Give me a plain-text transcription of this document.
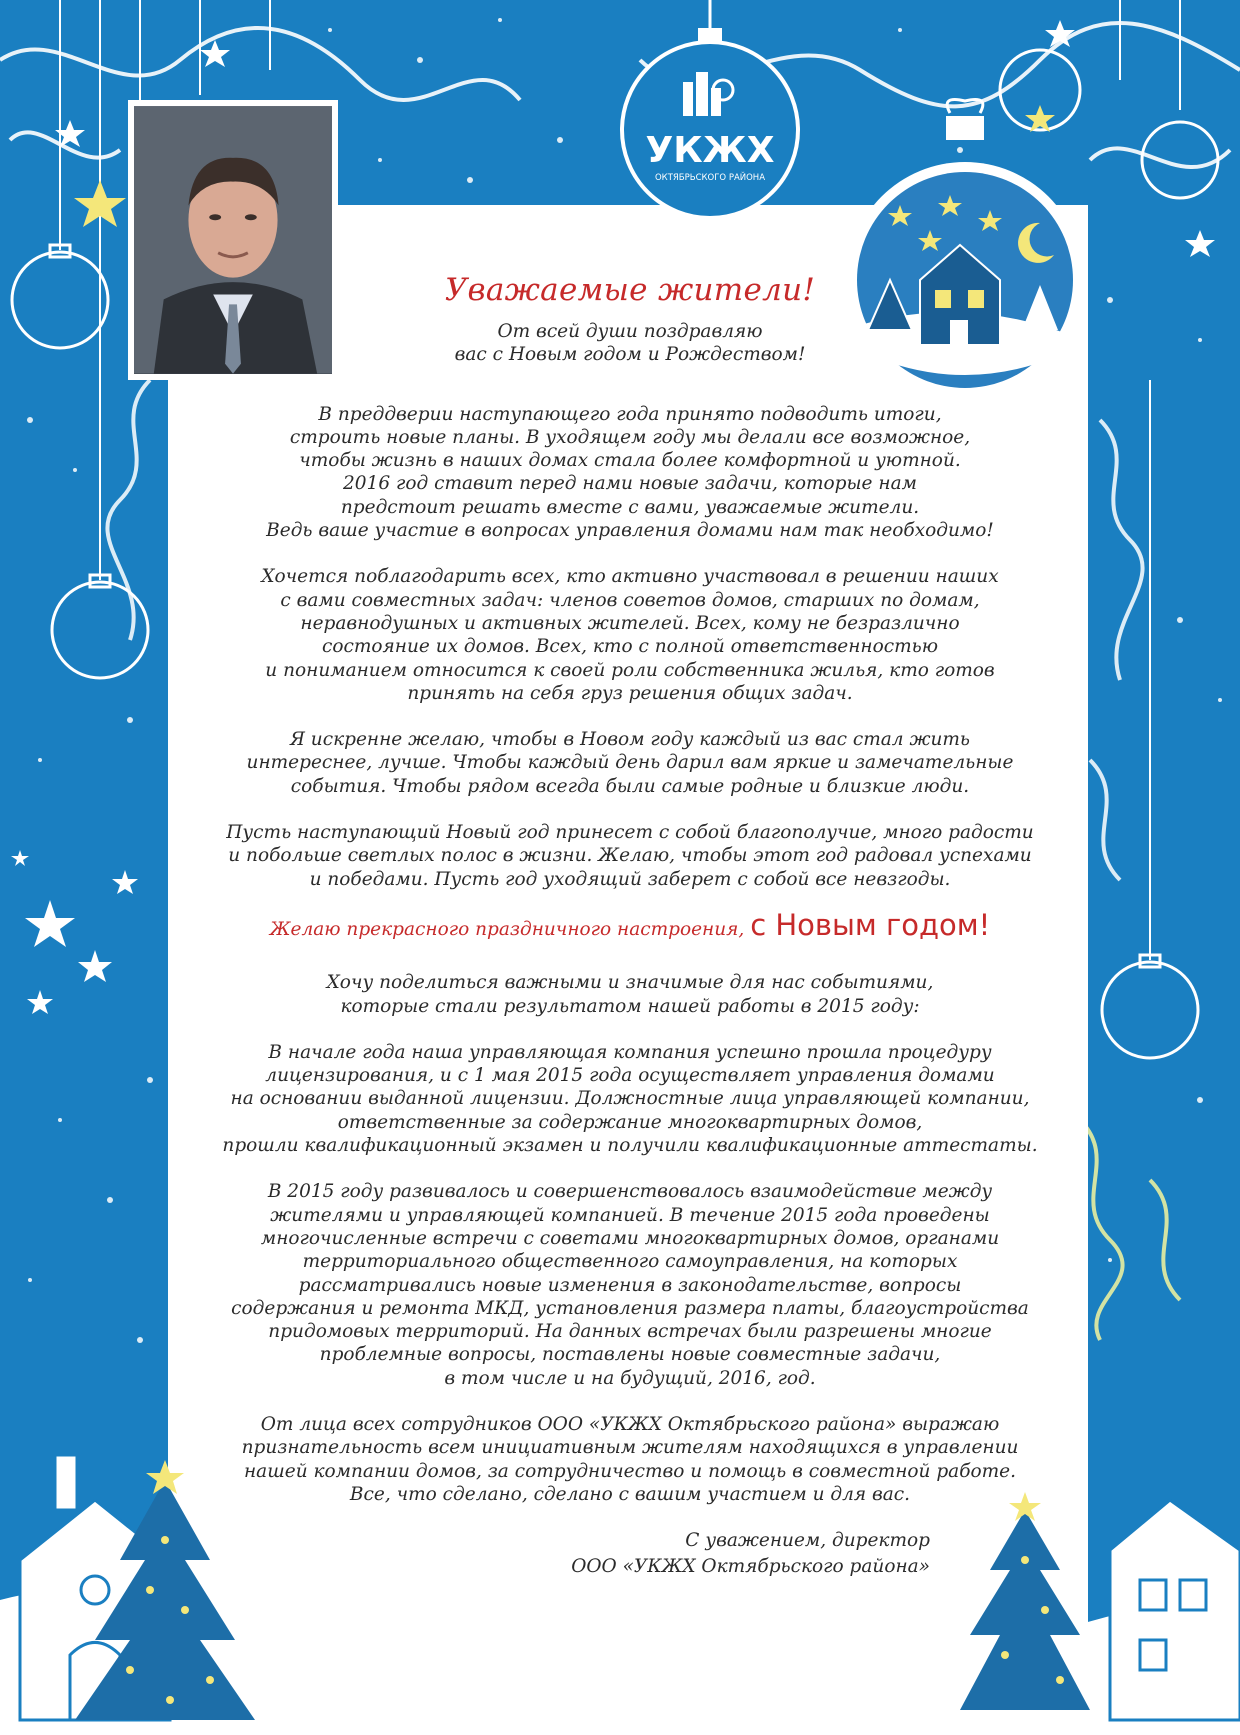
УКЖХ
ОКТЯБРЬСКОГО РАЙОНА
Уважаемые жители!

От всей души поздравляю
вас с Новым годом и Рождеством!

В преддверии наступающего года принято подводить итоги,
строить новые планы. В уходящем году мы делали все возможное,
чтобы жизнь в наших домах стала более комфортной и уютной.
2016 год ставит перед нами новые задачи, которые нам
предстоит решать вместе с вами, уважаемые жители.
Ведь ваше участие в вопросах управления домами нам так необходимо!

Хочется поблагодарить всех, кто активно участвовал в решении наших
с вами совместных задач: членов советов домов, старших по домам,
неравнодушных и активных жителей. Всех, кому не безразлично
состояние их домов. Всех, кто с полной ответственностью
и пониманием относится к своей роли собственника жилья, кто готов
принять на себя груз решения общих задач.

Я искренне желаю, чтобы в Новом году каждый из вас стал жить
интереснее, лучше. Чтобы каждый день дарил вам яркие и замечательные
события. Чтобы рядом всегда были самые родные и близкие люди.

Пусть наступающий Новый год принесет с собой благополучие, много радости
и побольше светлых полос в жизни. Желаю, чтобы этот год радовал успехами
и победами. Пусть год уходящий заберет с собой все невзгоды.

Желаю прекрасного праздничного настроения, с Новым годом!

Хочу поделиться важными и значимые для нас событиями,
которые стали результатом нашей работы в 2015 году:

В начале года наша управляющая компания успешно прошла процедуру
лицензирования, и с 1 мая 2015 года осуществляет управления домами
на основании выданной лицензии. Должностные лица управляющей компании,
ответственные за содержание многоквартирных домов,
прошли квалификационный экзамен и получили квалификационные аттестаты.

В 2015 году развивалось и совершенствовалось взаимодействие между
жителями и управляющей компанией. В течение 2015 года проведены
многочисленные встречи с советами многоквартирных домов, органами
территориального общественного самоуправления, на которых
рассматривались новые изменения в законодательстве, вопросы
содержания и ремонта МКД, установления размера платы, благоустройства
придомовых территорий. На данных встречах были разрешены многие
проблемные вопросы, поставлены новые совместные задачи,
в том числе и на будущий, 2016, год.

От лица всех сотрудников ООО «УКЖХ Октябрьского района» выражаю
признательность всем инициативным жителям находящихся в управлении
нашей компании домов, за сотрудничество и помощь в совместной работе.
Все, что сделано, сделано с вашим участием и для вас.

С уважением, директор
ООО «УКЖХ Октябрьского района»
